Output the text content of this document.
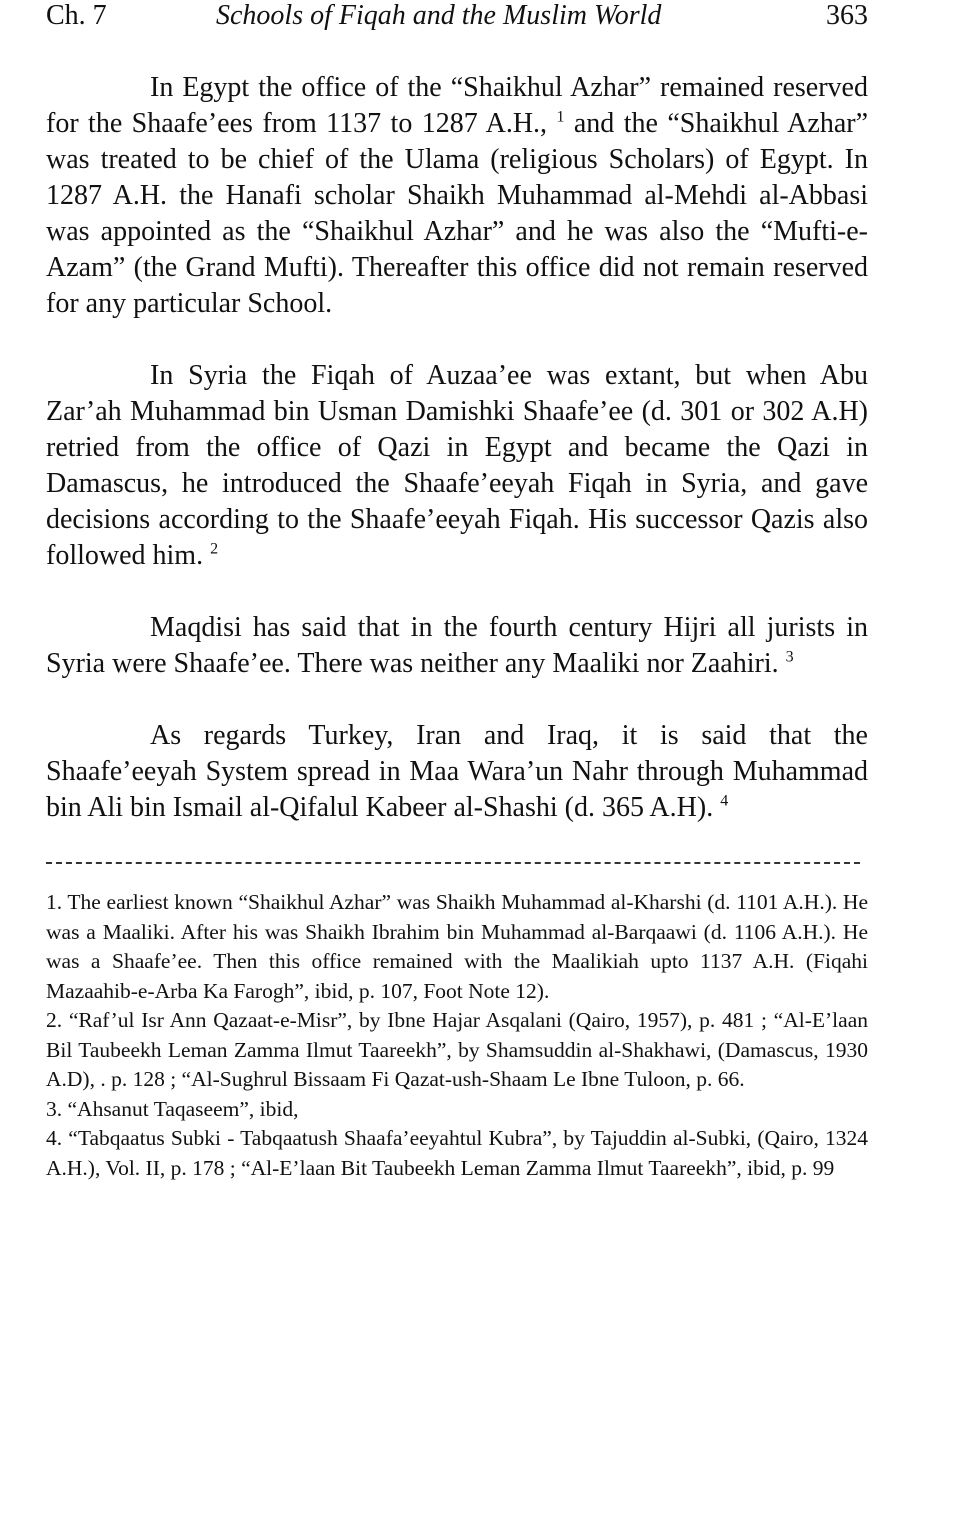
Ch. 7	Schools of Fiqah and the Muslim World	363

In Egypt the office of the “Shaikhul Azhar” remained reserved for the Shaafe’ees from 1137 to 1287 A.H., $^1$ and the “Shaikhul Azhar” was treated to be chief of the Ulama (religious Scholars) of Egypt. In 1287 A.H. the Hanafi scholar Shaikh Muhammad al-Mehdi al-Abbasi was appointed as the “Shaikhul Azhar” and he was also the “Mufti-e-Azam” (the Grand Mufti). Thereafter this office did not remain reserved for any particular School.

In Syria the Fiqah of Auzaa’ee was extant, but when Abu Zar’ah Muhammad bin Usman Damishki Shaafe’ee (d. 301 or 302 A.H) retried from the office of Qazi in Egypt and became the Qazi in Damascus, he introduced the Shaafe’eeyah Fiqah in Syria, and gave decisions according to the Shaafe’eeyah Fiqah. His successor Qazis also followed him. $^2$

Maqdisi has said that in the fourth century Hijri all jurists in Syria were Shaafe’ee. There was neither any Maaliki nor Zaahiri. $^3$

As regards Turkey, Iran and Iraq, it is said that the Shaafe’eeyah System spread in Maa Wara’un Nahr through Muhammad bin Ali bin Ismail al-Qifalul Kabeer al-Shashi (d. 365 A.H). $^4$

1. The earliest known “Shaikhul Azhar” was Shaikh Muhammad al-Kharshi (d. 1101 A.H.). He was a Maaliki. After his was Shaikh Ibrahim bin Muhammad al-Barqaawi (d. 1106 A.H.). He was a Shaafe’ee. Then this office remained with the Maalikiah upto 1137 A.H. (Fiqahi Mazaahib-e-Arba Ka Farogh”, ibid, p. 107, Foot Note 12).

2. “Raf’ul Isr Ann Qazaat-e-Misr”, by Ibne Hajar Asqalani (Qairo, 1957), p. 481 ; “Al-E’laan Bil Taubeekh Leman Zamma Ilmut Taareekh”, by Shamsuddin al-Shakhawi, (Damascus, 1930 A.D), . p. 128 ; “Al-Sughrul Bissaam Fi Qazat-ush-Shaam Le Ibne Tuloon, p. 66.

3. “Ahsanut Taqaseem”, ibid,

4. “Tabqaatus Subki - Tabqaatush Shaafa’eeyahtul Kubra”, by Tajuddin al-Subki, (Qairo, 1324 A.H.), Vol. II, p. 178 ; “Al-E’laan Bit Taubeekh Leman Zamma Ilmut Taareekh”, ibid, p. 99
